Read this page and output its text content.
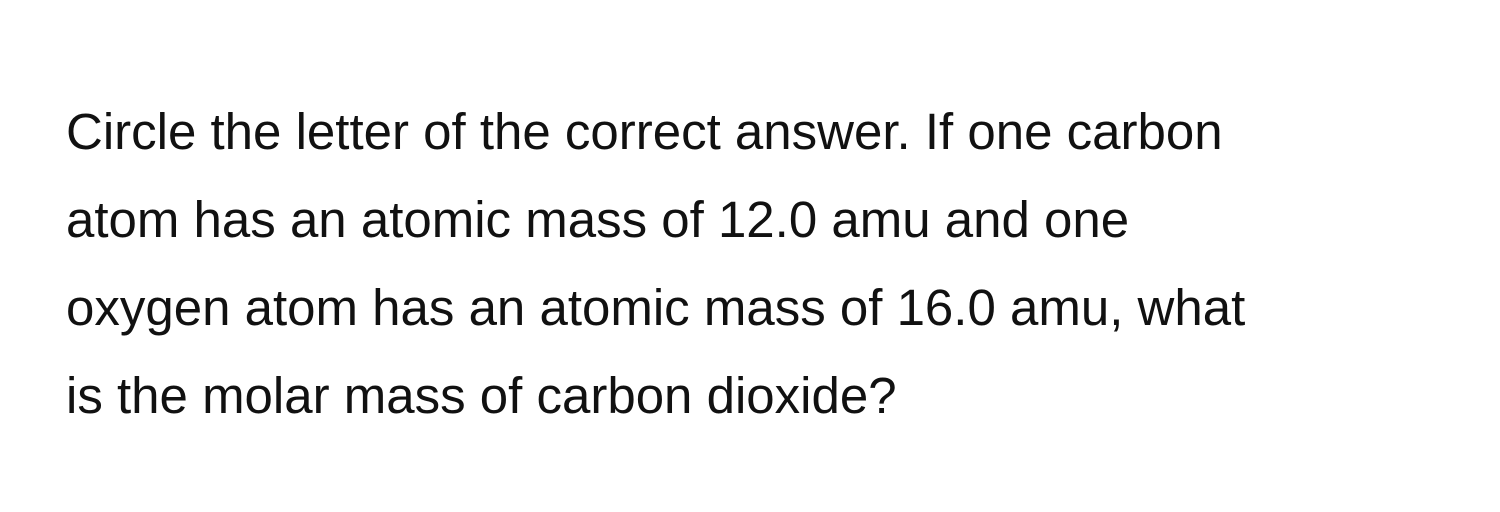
Circle the letter of the correct answer. If one carbon
atom has an atomic mass of 12.0 amu and one
oxygen atom has an atomic mass of 16.0 amu, what
is the molar mass of carbon dioxide?
